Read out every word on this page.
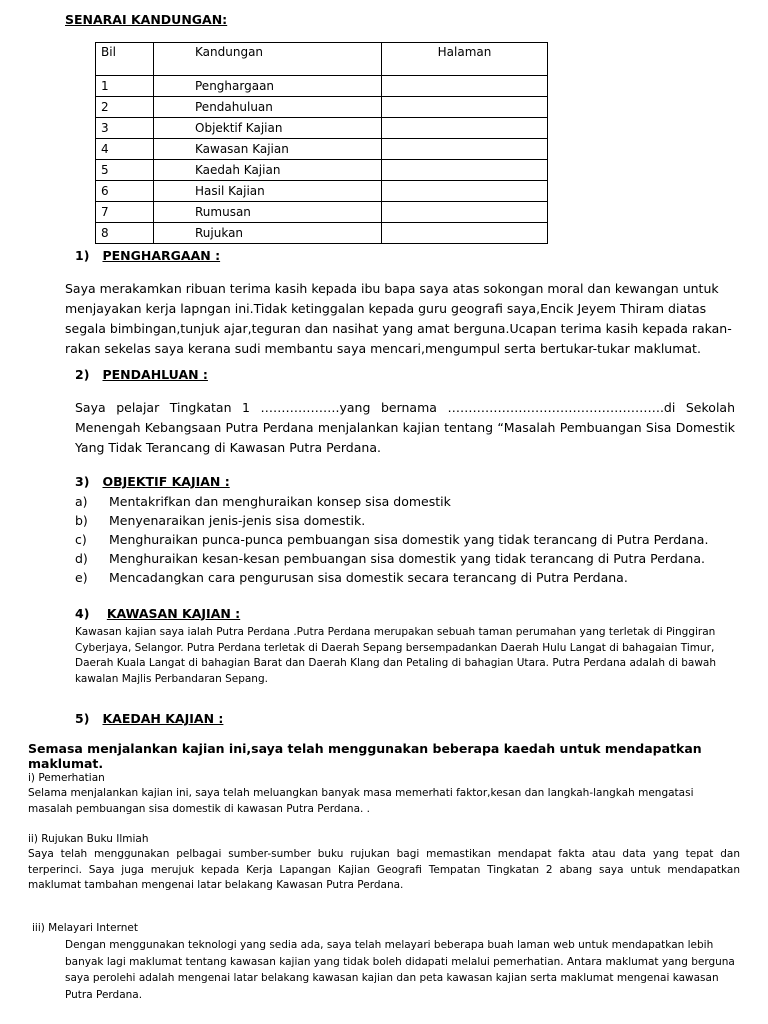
SENARAI KANDUNGAN:
Bil	Kandungan	Halaman
1	Penghargaan	
2	Pendahuluan	
3	Objektif Kajian	
4	Kawasan Kajian	
5	Kaedah Kajian	
6	Hasil Kajian	
7	Rumusan	
8	Rujukan	
1) PENGHARGAAN :
Saya merakamkan ribuan terima kasih kepada ibu bapa saya atas sokongan moral dan kewangan untuk menjayakan kerja lapngan ini.Tidak ketinggalan kepada guru geografi saya,Encik Jeyem Thiram diatas segala bimbingan,tunjuk ajar,teguran dan nasihat yang amat berguna.Ucapan terima kasih kepada rakan-rakan sekelas saya kerana sudi membantu saya mencari,mengumpul serta bertukar-tukar maklumat.
2) PENDAHLUAN :
Saya pelajar Tingkatan 1 ……………….yang bernama …………………………………………….di Sekolah Menengah Kebangsaan Putra Perdana menjalankan kajian tentang “Masalah Pembuangan Sisa Domestik Yang Tidak Terancang di Kawasan Putra Perdana.
3) OBJEKTIF KAJIAN :
a) Mentakrifkan dan menghuraikan konsep sisa domestik
b) Menyenaraikan jenis-jenis sisa domestik.
c) Menghuraikan punca-punca pembuangan sisa domestik yang tidak terancang di Putra Perdana.
d) Menghuraikan kesan-kesan pembuangan sisa domestik yang tidak terancang di Putra Perdana.
e) Mencadangkan cara pengurusan sisa domestik secara terancang di Putra Perdana.
4) KAWASAN KAJIAN :
Kawasan kajian saya ialah Putra Perdana .Putra Perdana merupakan sebuah taman perumahan yang terletak di Pinggiran Cyberjaya, Selangor. Putra Perdana terletak di Daerah Sepang bersempadankan Daerah Hulu Langat di bahagaian Timur, Daerah Kuala Langat di bahagian Barat dan Daerah Klang dan Petaling di bahagian Utara. Putra Perdana adalah di bawah kawalan Majlis Perbandaran Sepang.
5) KAEDAH KAJIAN :
Semasa menjalankan kajian ini,saya telah menggunakan beberapa kaedah untuk mendapatkan maklumat.
i) Pemerhatian
Selama menjalankan kajian ini, saya telah meluangkan banyak masa memerhati faktor,kesan dan langkah-langkah mengatasi masalah pembuangan sisa domestik di kawasan Putra Perdana. .
ii) Rujukan Buku Ilmiah
Saya telah menggunakan pelbagai sumber-sumber buku rujukan bagi memastikan mendapat fakta atau data yang tepat dan terperinci. Saya juga merujuk kepada Kerja Lapangan Kajian Geografi Tempatan Tingkatan 2 abang saya untuk mendapatkan maklumat tambahan mengenai latar belakang Kawasan Putra Perdana.
iii) Melayari Internet
Dengan menggunakan teknologi yang sedia ada, saya telah melayari beberapa buah laman web untuk mendapatkan lebih banyak lagi maklumat tentang kawasan kajian yang tidak boleh didapati melalui pemerhatian. Antara maklumat yang berguna saya perolehi adalah mengenai latar belakang kawasan kajian dan peta kawasan kajian serta maklumat mengenai kawasan Putra Perdana.
